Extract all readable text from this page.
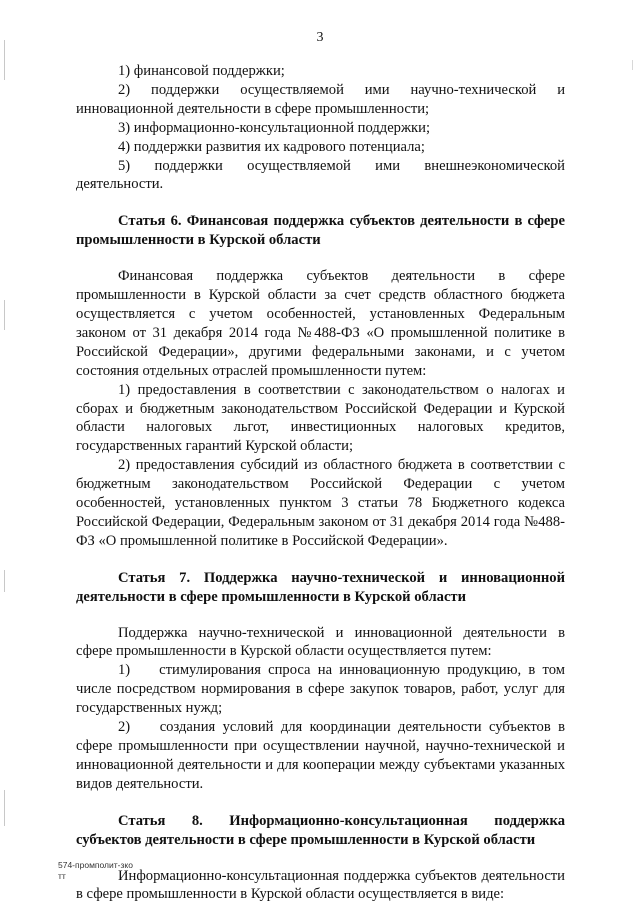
3

1) финансовой поддержки;

2) поддержки осуществляемой ими научно-технической и инновационной деятельности в сфере промышленности;

3) информационно-консультационной поддержки;

4) поддержки развития их кадрового потенциала;

5) поддержки осуществляемой ими внешнеэкономической деятельности.

Статья 6. Финансовая поддержка субъектов деятельности в сфере промышленности в Курской области

Финансовая поддержка субъектов деятельности в сфере промышленности в Курской области за счет средств областного бюджета осуществляется с учетом особенностей, установленных Федеральным законом от 31 декабря 2014 года №488-ФЗ «О промышленной политике в Российской Федерации», другими федеральными законами, и с учетом состояния отдельных отраслей промышленности путем:

1) предоставления в соответствии с законодательством о налогах и сборах и бюджетным законодательством Российской Федерации и Курской области налоговых льгот, инвестиционных налоговых кредитов, государственных гарантий Курской области;

2) предоставления субсидий из областного бюджета в соответствии с бюджетным законодательством Российской Федерации с учетом особенностей, установленных пунктом 3 статьи 78 Бюджетного кодекса Российской Федерации, Федеральным законом от 31 декабря 2014 года №488-ФЗ «О промышленной политике в Российской Федерации».

Статья 7. Поддержка научно-технической и инновационной деятельности в сфере промышленности в Курской области

Поддержка научно-технической и инновационной деятельности в сфере промышленности в Курской области осуществляется путем:

1)    стимулирования спроса на инновационную продукцию, в том числе посредством нормирования в сфере закупок товаров, работ, услуг для государственных нужд;

2)    создания условий для координации деятельности субъектов в сфере промышленности при осуществлении научной, научно-технической и инновационной деятельности и для кооперации между субъектами указанных видов деятельности.

Статья 8. Информационно-консультационная поддержка субъектов деятельности в сфере промышленности в Курской области

Информационно-консультационная поддержка субъектов деятельности в сфере промышленности в Курской области осуществляется в виде:

574-промполит-зко
тт
